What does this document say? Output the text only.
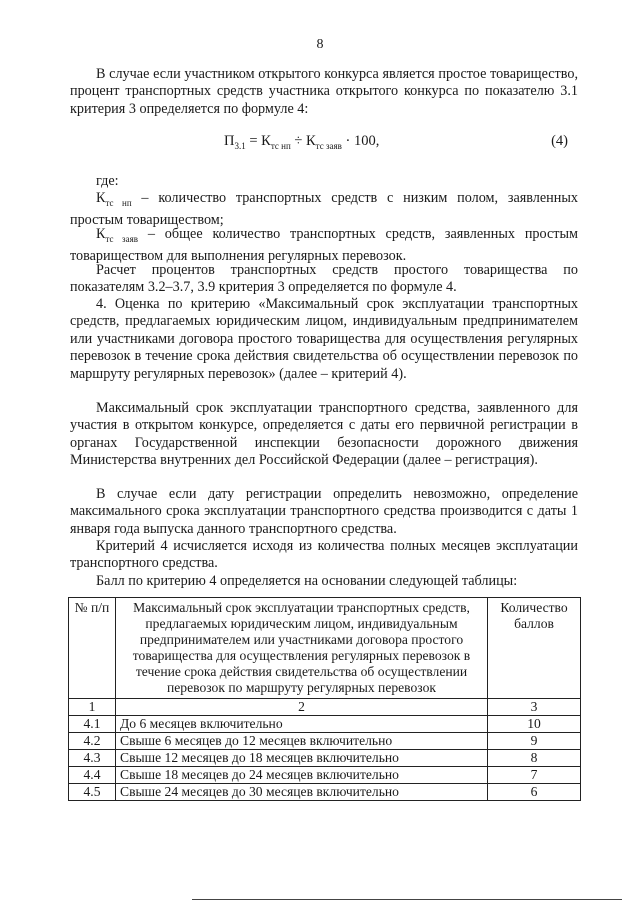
8

В случае если участником открытого конкурса является простое товарищество, процент транспортных средств участника открытого конкурса по показателю 3.1 критерия 3 определяется по формуле 4:

$П_{3.1} = К_{тс нп} \div К_{тс заяв} \cdot 100$,	(4)

где:

$К_{тс нп}$ – количество транспортных средств с низким полом, заявленных простым товариществом;

$К_{тс заяв}$ – общее количество транспортных средств, заявленных простым товариществом для выполнения регулярных перевозок.

Расчет процентов транспортных средств простого товарищества по показателям 3.2–3.7, 3.9 критерия 3 определяется по формуле 4.

4. Оценка по критерию «Максимальный срок эксплуатации транспортных средств, предлагаемых юридическим лицом, индивидуальным предпринимателем или участниками договора простого товарищества для осуществления регулярных перевозок в течение срока действия свидетельства об осуществлении перевозок по маршруту регулярных перевозок» (далее – критерий 4).

Максимальный срок эксплуатации транспортного средства, заявленного для участия в открытом конкурсе, определяется с даты его первичной регистрации в органах Государственной инспекции безопасности дорожного движения Министерства внутренних дел Российской Федерации (далее – регистрация).

В случае если дату регистрации определить невозможно, определение максимального срока эксплуатации транспортного средства производится с даты 1 января года выпуска данного транспортного средства.

Критерий 4 исчисляется исходя из количества полных месяцев эксплуатации транспортного средства.

Балл по критерию 4 определяется на основании следующей таблицы:

№ п/п	Максимальный срок эксплуатации транспортных средств, предлагаемых юридическим лицом, индивидуальным предпринимателем или участниками договора простого товарищества для осуществления регулярных перевозок в течение срока действия свидетельства об осуществлении перевозок по маршруту регулярных перевозок	Количество баллов
1	2	3
4.1	До 6 месяцев включительно	10
4.2	Свыше 6 месяцев до 12 месяцев включительно	9
4.3	Свыше 12 месяцев до 18 месяцев включительно	8
4.4	Свыше 18 месяцев до 24 месяцев включительно	7
4.5	Свыше 24 месяцев до 30 месяцев включительно	6
